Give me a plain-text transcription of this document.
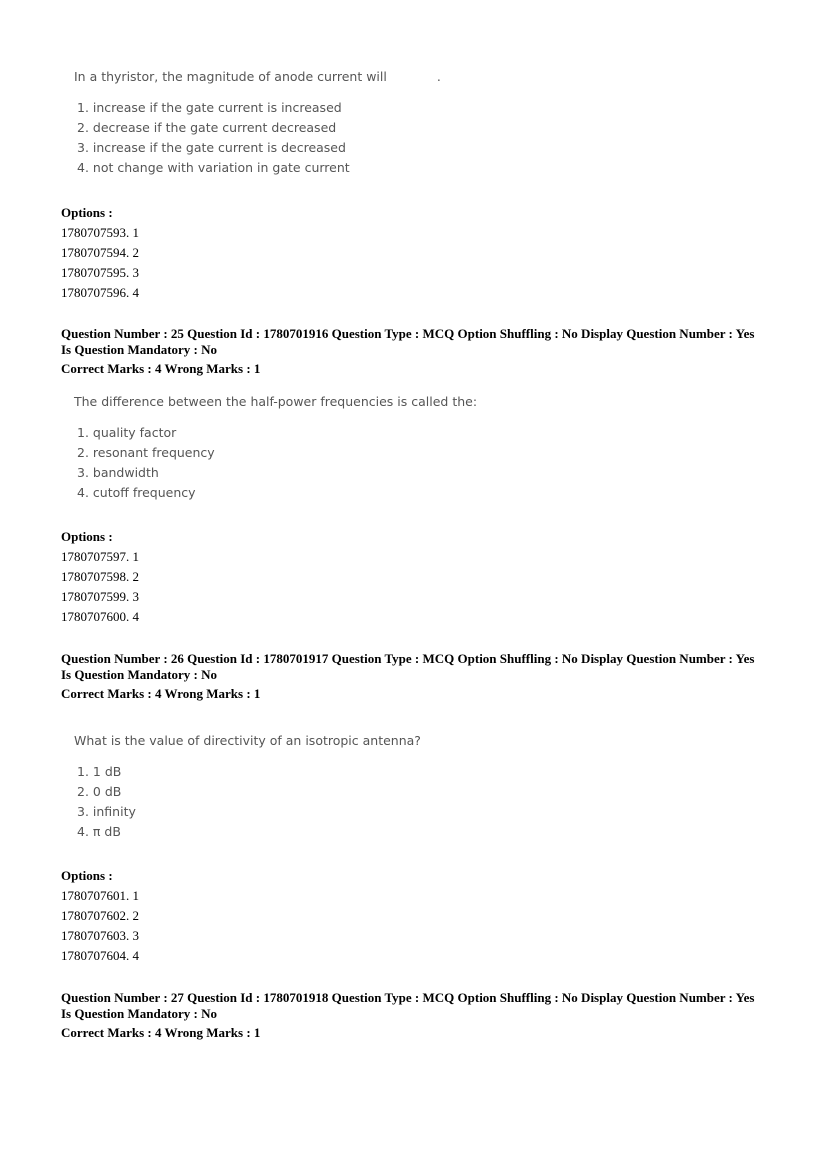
In a thyristor, the magnitude of anode current will	.

1. increase if the gate current is increased
2. decrease if the gate current decreased
3. increase if the gate current is decreased
4. not change with variation in gate current
Options :
1780707593. 1
1780707594. 2
1780707595. 3
1780707596. 4
Question Number : 25 Question Id : 1780701916 Question Type : MCQ Option Shuffling : No Display Question Number : Yes
Is Question Mandatory : No
Correct Marks : 4 Wrong Marks : 1

The difference between the half-power frequencies is called the:

1. quality factor
2. resonant frequency
3. bandwidth
4. cutoff frequency
Options :
1780707597. 1
1780707598. 2
1780707599. 3
1780707600. 4
Question Number : 26 Question Id : 1780701917 Question Type : MCQ Option Shuffling : No Display Question Number : Yes
Is Question Mandatory : No
Correct Marks : 4 Wrong Marks : 1

What is the value of directivity of an isotropic antenna?

1. 1 dB
2. 0 dB
3. infinity
4. π dB
Options :
1780707601. 1
1780707602. 2
1780707603. 3
1780707604. 4
Question Number : 27 Question Id : 1780701918 Question Type : MCQ Option Shuffling : No Display Question Number : Yes
Is Question Mandatory : No
Correct Marks : 4 Wrong Marks : 1
